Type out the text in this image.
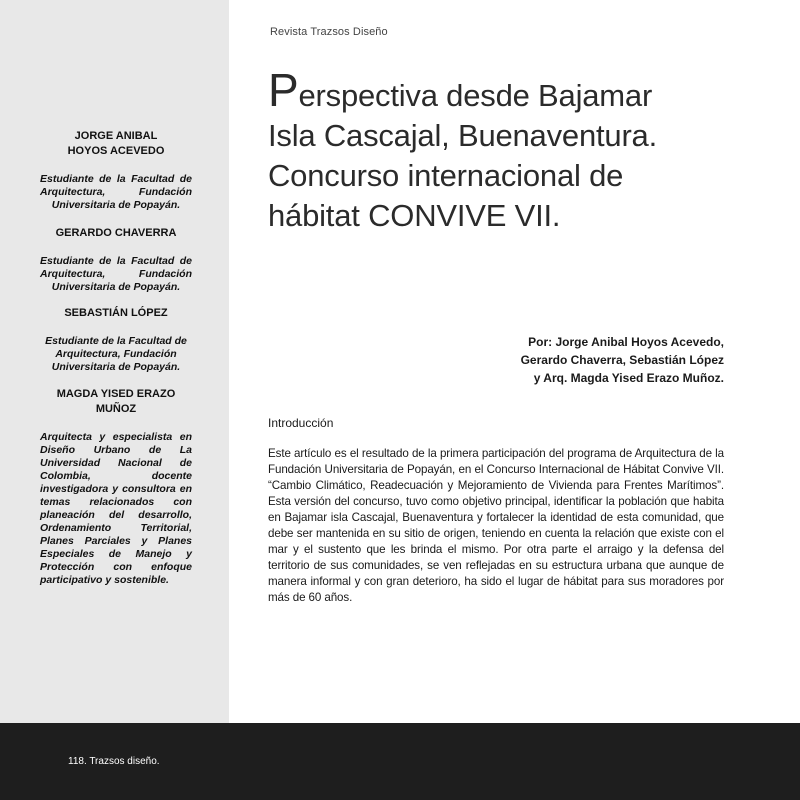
JORGE ANIBAL
HOYOS ACEVEDO
Estudiante de la Facultad de Arquitectura, Fundación Universitaria de Popayán.
GERARDO CHAVERRA
Estudiante de la Facultad de Arquitectura, Fundación Universitaria de Popayán.
SEBASTIÁN LÓPEZ
Estudiante de la Facultad de Arquitectura, Fundación Universitaria de Popayán.
MAGDA YISED ERAZO
MUÑOZ
Arquitecta y especialista en Diseño Urbano de La Universidad Nacional de Colombia, docente investigadora y consultora en temas relacionados con planeación del desarrollo, Ordenamiento Territorial, Planes Parciales y Planes Especiales de Manejo y Protección con enfoque participativo y sostenible.
Revista Trazsos Diseño
Perspectiva desde Bajamar
Isla Cascajal, Buenaventura.
Concurso internacional de
hábitat CONVIVE VII.
Por: Jorge Anibal Hoyos Acevedo,
Gerardo Chaverra, Sebastián López
y Arq. Magda Yised Erazo Muñoz.
Introducción

Este artículo es el resultado de la primera participación del programa de Arquitectura de la Fundación Universitaria de Popayán, en el Concurso Internacional de Hábitat Convive VII. “Cambio Climático, Readecuación y Mejoramiento de Vivienda para Frentes Marítimos”. Esta versión del concurso, tuvo como objetivo principal, identificar la población que habita en Bajamar isla Cascajal, Buenaventura y fortalecer la identidad de esta comunidad, que debe ser mantenida en su sitio de origen, teniendo en cuenta la relación que existe con el mar y el sustento que les brinda el mismo. Por otra parte el arraigo y la defensa del territorio de sus comunidades, se ven reflejadas en su estructura urbana que aunque de manera informal y con gran deterioro, ha sido el lugar de hábitat para sus moradores por más de 60 años.

118. Trazsos diseño.
